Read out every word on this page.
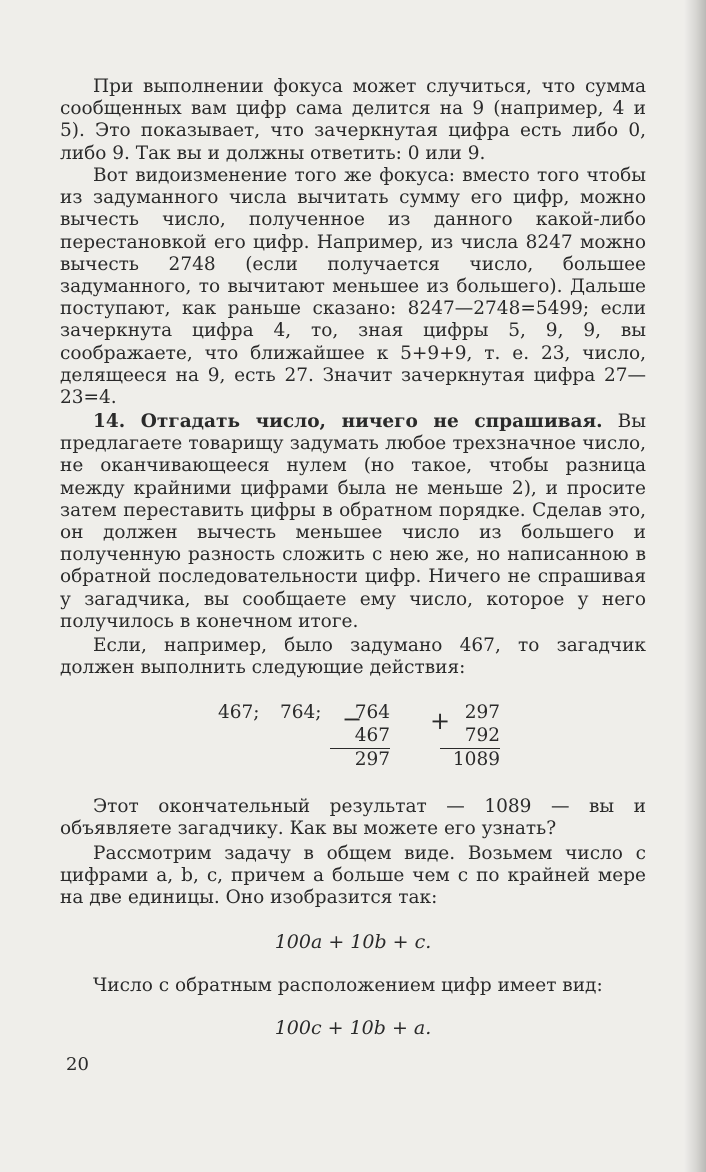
При выполнении фокуса может случиться, что сумма сообщенных вам цифр сама делится на 9 (например, 4 и 5). Это показывает, что зачеркнутая цифра есть либо 0, либо 9. Так вы и должны ответить: 0 или 9.

Вот видоизменение того же фокуса: вместо того чтобы из задуманного числа вычитать сумму его цифр, можно вычесть число, полученное из данного какой-либо перестановкой его цифр. Например, из числа 8247 можно вычесть 2748 (если получается число, большее задуманного, то вычитают меньшее из большего). Дальше поступают, как раньше сказано: 8247—2748=5499; если зачеркнута цифра 4, то, зная цифры 5, 9, 9, вы соображаете, что ближайшее к 5+9+9, т. е. 23, число, делящееся на 9, есть 27. Значит зачеркнутая цифра 27—23=4.

14. Отгадать число, ничего не спрашивая. Вы предлагаете товарищу задумать любое трехзначное число, не оканчивающееся нулем (но такое, чтобы разница между крайними цифрами была не меньше 2), и просите затем переставить цифры в обратном порядке. Сделав это, он должен вычесть меньшее число из большего и полученную разность сложить с нею же, но написанною в обратной последовательности цифр. Ничего не спрашивая у загадчика, вы сообщаете ему число, которое у него получилось в конечном итоге.

Если, например, было задумано 467, то загадчик должен выполнить следующие действия:

467; 764; −
764
467
297
+ 297
792
1089

Этот окончательный результат — 1089 — вы и объявляете загадчику. Как вы можете его узнать?

Рассмотрим задачу в общем виде. Возьмем число с цифрами a, b, c, причем a больше чем c по крайней мере на две единицы. Оно изобразится так:

100a + 10b + c.

Число с обратным расположением цифр имеет вид:

100c + 10b + a.
20
